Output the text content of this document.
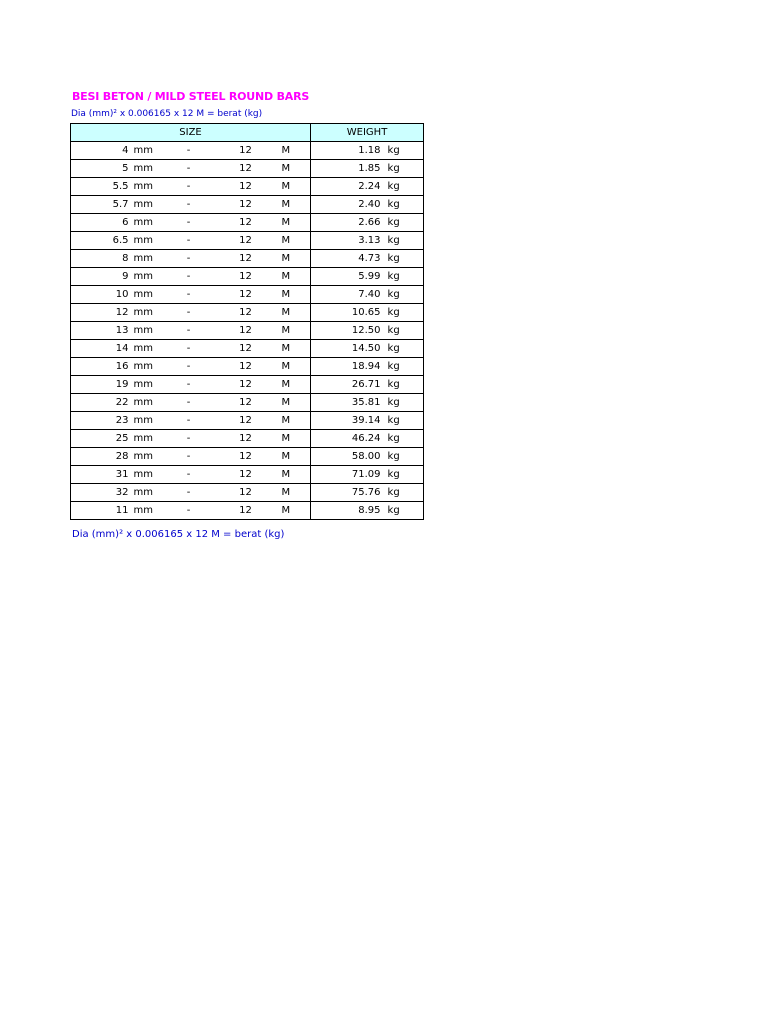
BESI BETON / MILD STEEL ROUND BARS
Dia (mm)² x 0.006165 x 12 M = berat (kg)
SIZE					WEIGHT	
4	mm	-	12	M	1.18	kg
5	mm	-	12	M	1.85	kg
5.5	mm	-	12	M	2.24	kg
5.7	mm	-	12	M	2.40	kg
6	mm	-	12	M	2.66	kg
6.5	mm	-	12	M	3.13	kg
8	mm	-	12	M	4.73	kg
9	mm	-	12	M	5.99	kg
10	mm	-	12	M	7.40	kg
12	mm	-	12	M	10.65	kg
13	mm	-	12	M	12.50	kg
14	mm	-	12	M	14.50	kg
16	mm	-	12	M	18.94	kg
19	mm	-	12	M	26.71	kg
22	mm	-	12	M	35.81	kg
23	mm	-	12	M	39.14	kg
25	mm	-	12	M	46.24	kg
28	mm	-	12	M	58.00	kg
31	mm	-	12	M	71.09	kg
32	mm	-	12	M	75.76	kg
11	mm	-	12	M	8.95	kg
Dia (mm)² x 0.006165 x 12 M = berat (kg)
